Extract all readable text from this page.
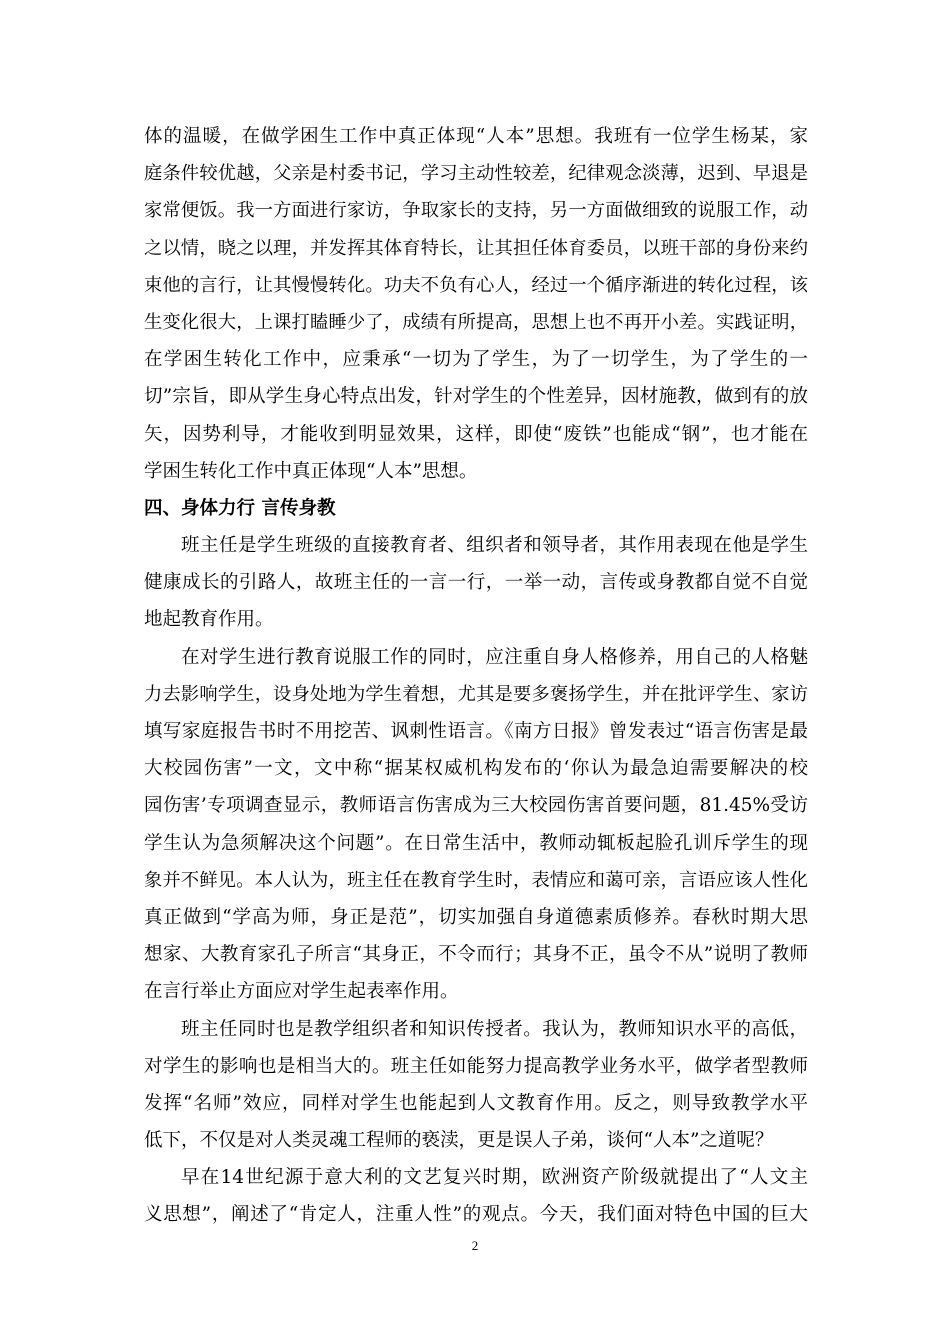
体的温暖，在做学困生工作中真正体现“人本”思想。我班有一位学生杨某，家
庭条件较优越，父亲是村委书记，学习主动性较差，纪律观念淡薄，迟到、早退是
家常便饭。我一方面进行家访，争取家长的支持，另一方面做细致的说服工作，动
之以情，晓之以理，并发挥其体育特长，让其担任体育委员，以班干部的身份来约
束他的言行，让其慢慢转化。功夫不负有心人，经过一个循序渐进的转化过程，该
生变化很大，上课打瞌睡少了，成绩有所提高，思想上也不再开小差。实践证明，
在学困生转化工作中，应秉承“一切为了学生，为了一切学生，为了学生的一
切”宗旨，即从学生身心特点出发，针对学生的个性差异，因材施教，做到有的放
矢，因势利导，才能收到明显效果，这样，即使“废铁”也能成“钢”，也才能在
学困生转化工作中真正体现“人本”思想。
四、身体力行 言传身教
班主任是学生班级的直接教育者、组织者和领导者，其作用表现在他是学生
健康成长的引路人，故班主任的一言一行，一举一动，言传或身教都自觉不自觉
地起教育作用。
在对学生进行教育说服工作的同时，应注重自身人格修养，用自己的人格魅
力去影响学生，设身处地为学生着想，尤其是要多褒扬学生，并在批评学生、家访
填写家庭报告书时不用挖苦、讽刺性语言。《南方日报》曾发表过“语言伤害是最
大校园伤害”一文，文中称“据某权威机构发布的‘你认为最急迫需要解决的校
园伤害’专项调查显示，教师语言伤害成为三大校园伤害首要问题，81.45%受访
学生认为急须解决这个问题”。在日常生活中，教师动辄板起脸孔训斥学生的现
象并不鲜见。本人认为，班主任在教育学生时，表情应和蔼可亲，言语应该人性化
真正做到“学高为师，身正是范”，切实加强自身道德素质修养。春秋时期大思
想家、大教育家孔子所言“其身正，不令而行；其身不正，虽令不从”说明了教师
在言行举止方面应对学生起表率作用。
班主任同时也是教学组织者和知识传授者。我认为，教师知识水平的高低，
对学生的影响也是相当大的。班主任如能努力提高教学业务水平，做学者型教师
发挥“名师”效应，同样对学生也能起到人文教育作用。反之，则导致教学水平
低下，不仅是对人类灵魂工程师的亵渎，更是误人子弟，谈何“人本”之道呢？
早在14世纪源于意大利的文艺复兴时期，欧洲资产阶级就提出了“人文主
义思想”，阐述了“肯定人，注重人性”的观点。今天，我们面对特色中国的巨大
2
